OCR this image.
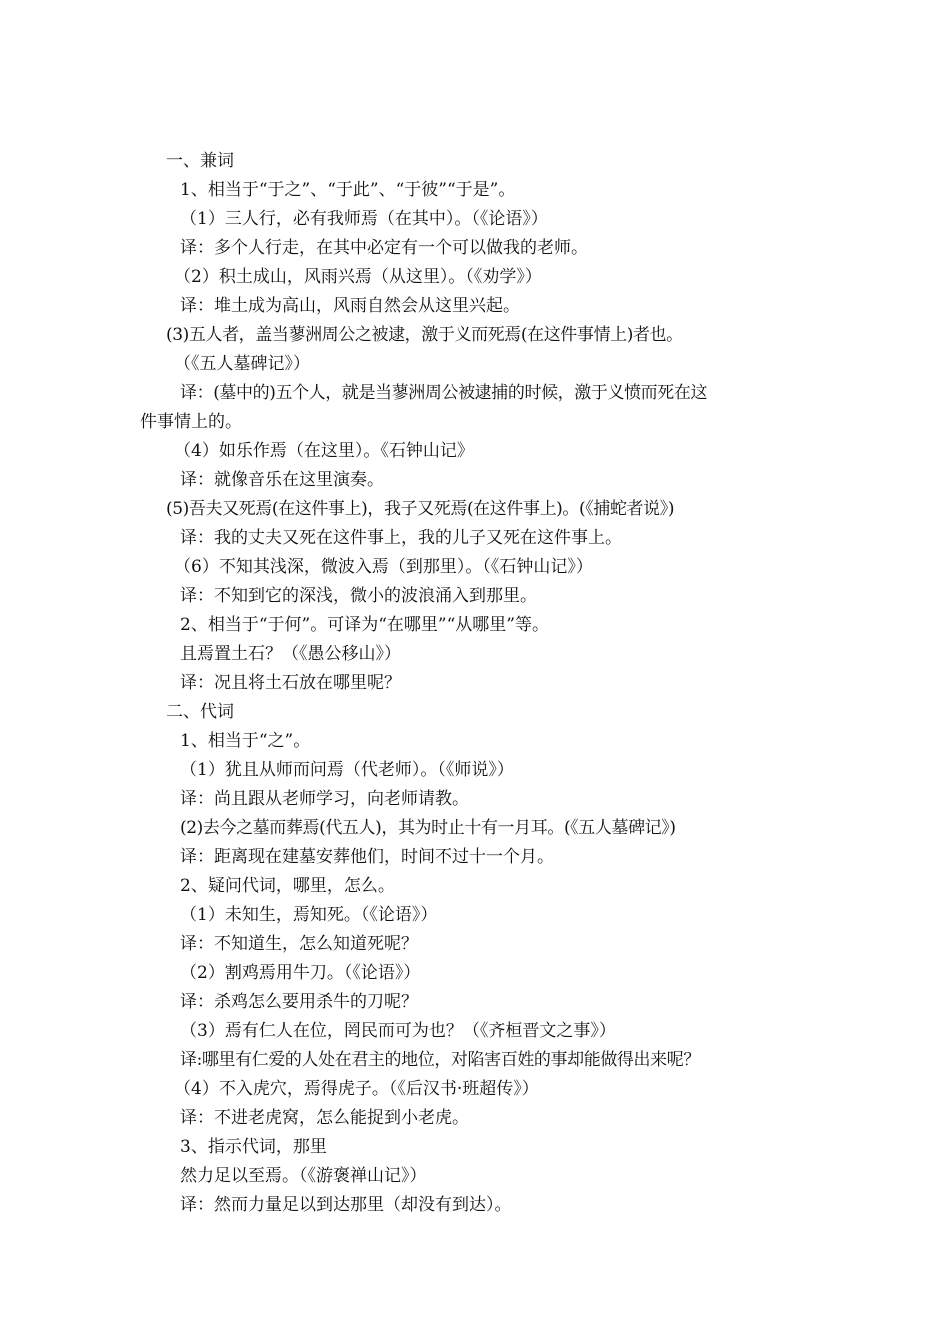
一、兼词
1、相当于“于之”、“于此”、“于彼”“于是”。
（1）三人行，必有我师焉（在其中）。（《论语》）
译：多个人行走，在其中必定有一个可以做我的老师。
（2）积土成山，风雨兴焉（从这里）。（《劝学》）
译：堆土成为高山，风雨自然会从这里兴起。
(3)五人者，盖当蓼洲周公之被逮，激于义而死焉(在这件事情上)者也。
（《五人墓碑记》）
译：(墓中的)五个人，就是当蓼洲周公被逮捕的时候，激于义愤而死在这
件事情上的。
（4）如乐作焉（在这里）。《石钟山记》
译：就像音乐在这里演奏。
(5)吾夫又死焉(在这件事上)，我子又死焉(在这件事上)。(《捕蛇者说》)
译：我的丈夫又死在这件事上，我的儿子又死在这件事上。
（6）不知其浅深，微波入焉（到那里）。（《石钟山记》）
译：不知到它的深浅，微小的波浪涌入到那里。
2、相当于“于何”。可译为“在哪里”“从哪里”等。
且焉置土石？（《愚公移山》）
译：况且将土石放在哪里呢？
二、代词
1、相当于“之”。
（1）犹且从师而问焉（代老师）。（《师说》）
译：尚且跟从老师学习，向老师请教。
(2)去今之墓而葬焉(代五人)，其为时止十有一月耳。(《五人墓碑记》)
译：距离现在建墓安葬他们，时间不过十一个月。
2、疑问代词，哪里，怎么。
（1）未知生，焉知死。（《论语》）
译：不知道生，怎么知道死呢？
（2）割鸡焉用牛刀。（《论语》）
译：杀鸡怎么要用杀牛的刀呢？
（3）焉有仁人在位，罔民而可为也？（《齐桓晋文之事》）
译:哪里有仁爱的人处在君主的地位，对陷害百姓的事却能做得出来呢？
（4）不入虎穴，焉得虎子。（《后汉书·班超传》）
译：不进老虎窝，怎么能捉到小老虎。
3、指示代词，那里
然力足以至焉。（《游褒禅山记》）
译：然而力量足以到达那里（却没有到达）。
